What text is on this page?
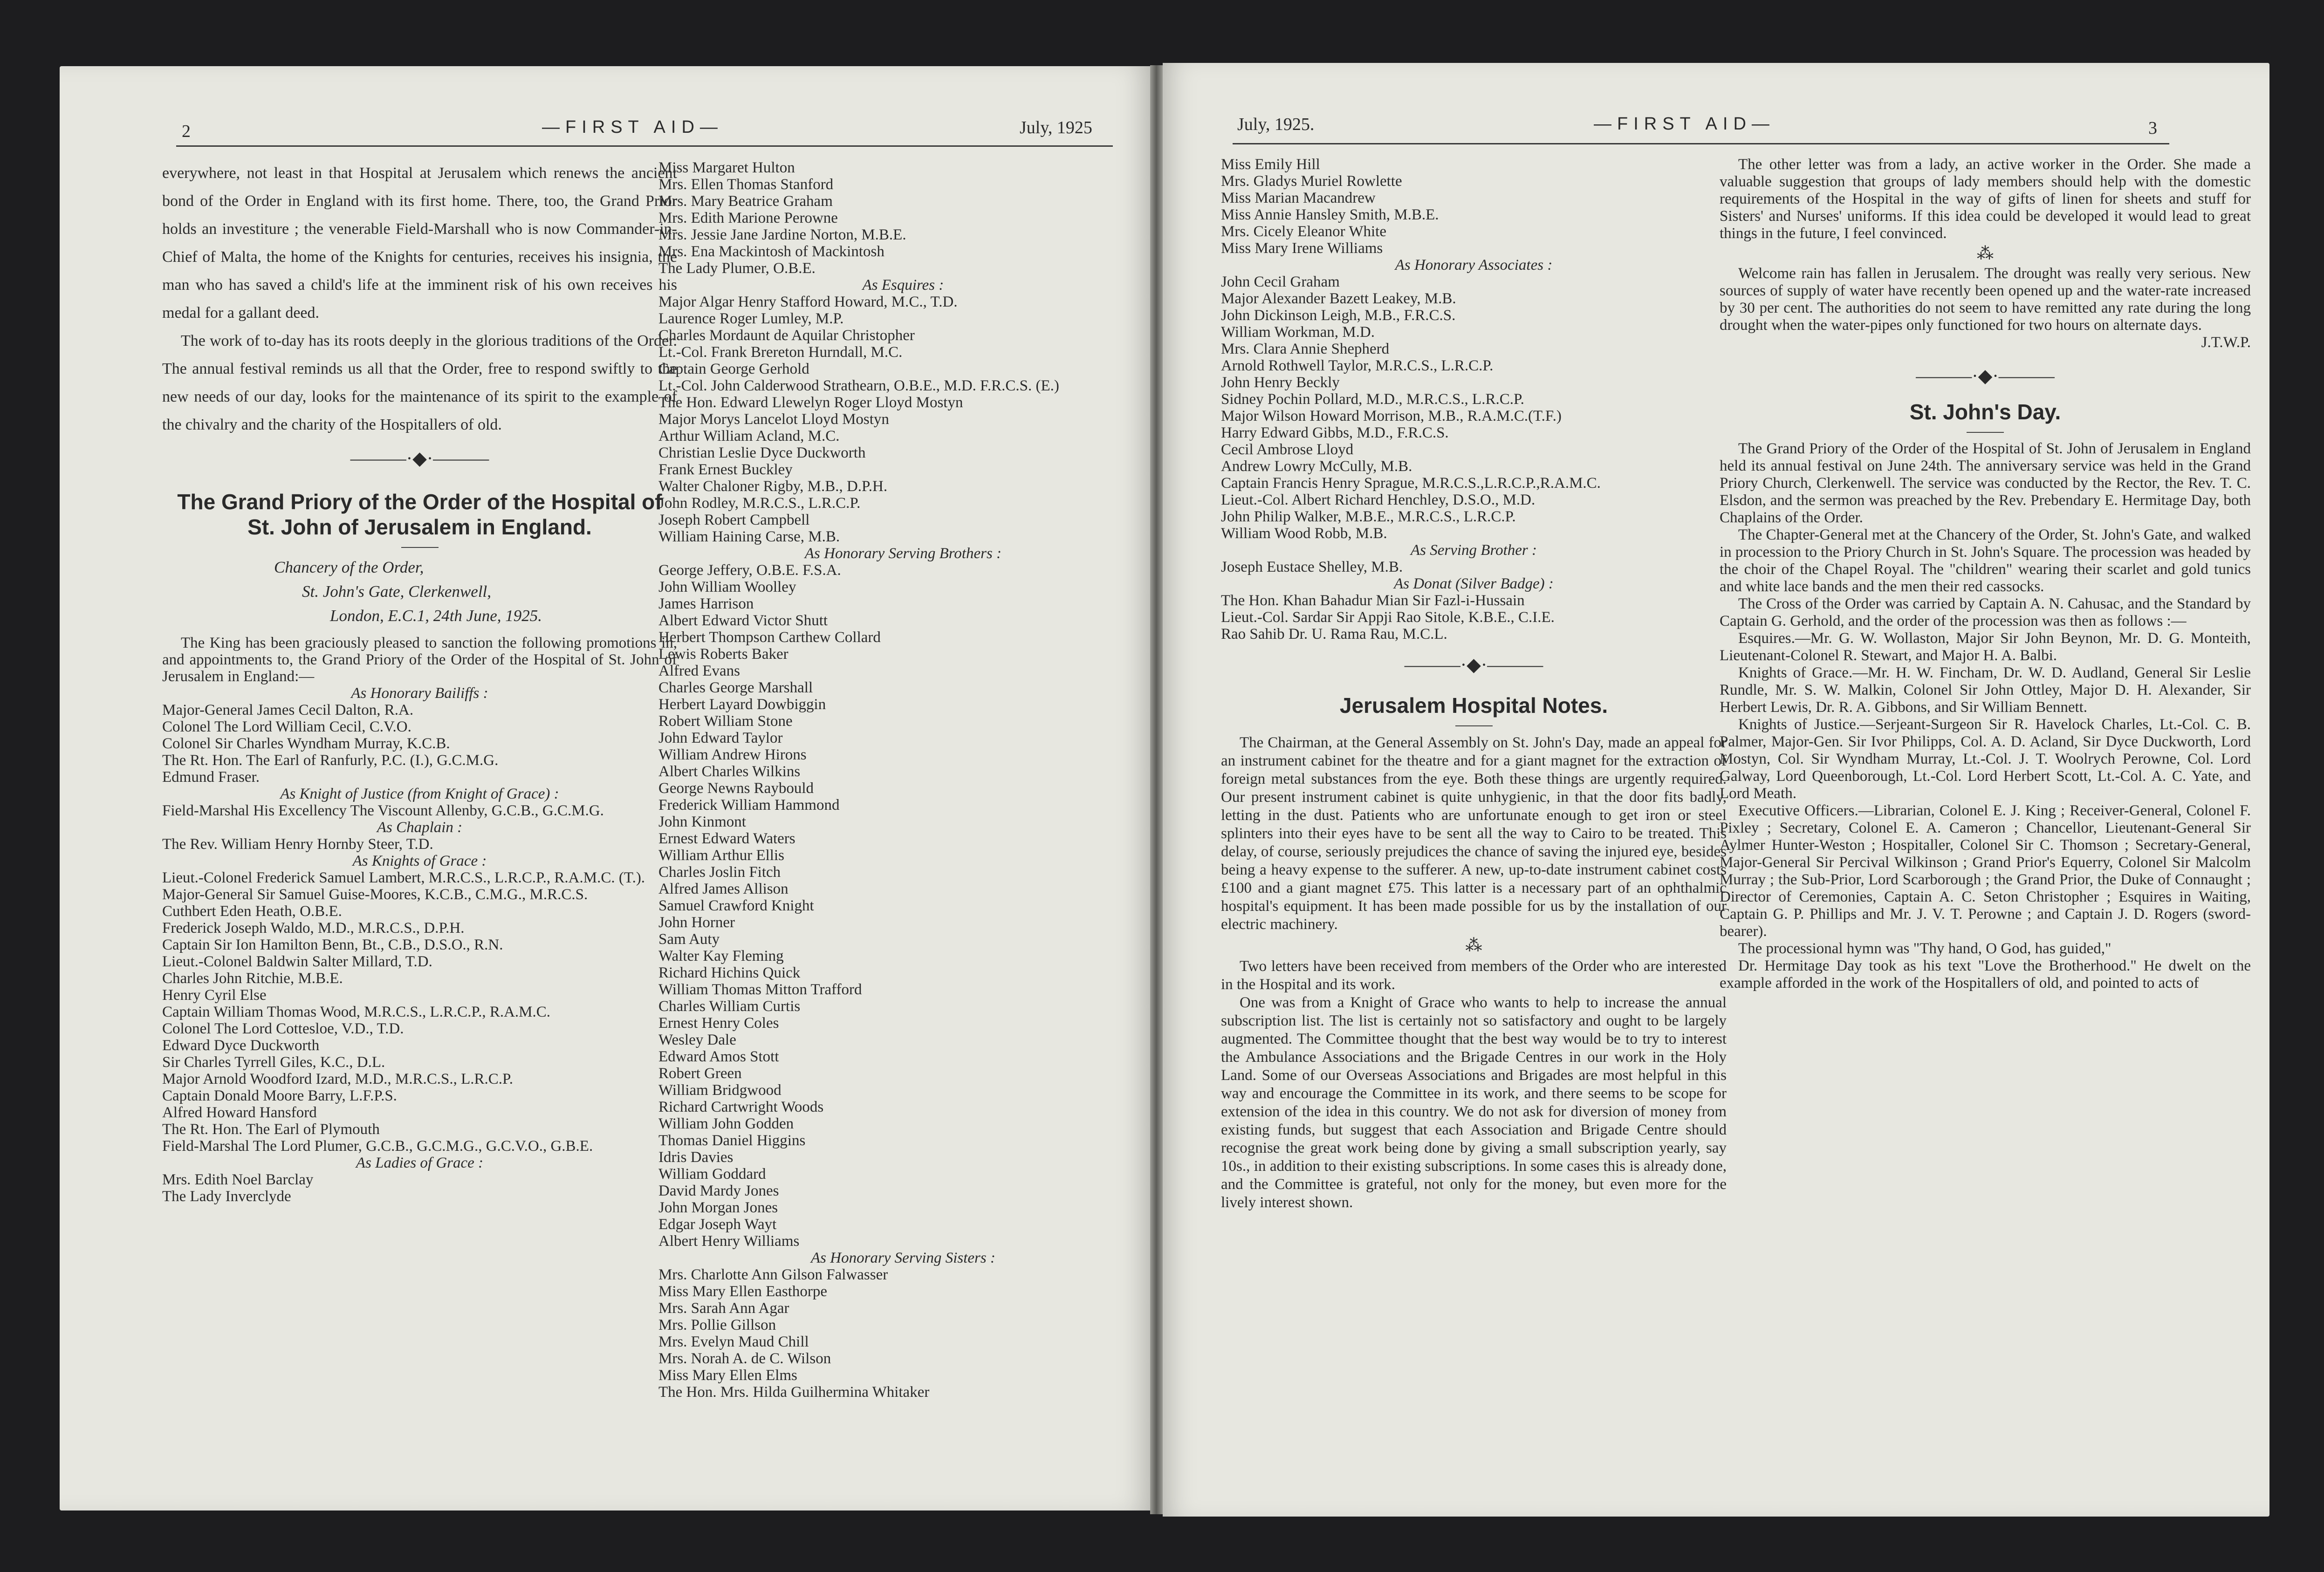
2	—FIRST AID—	July, 1925

everywhere, not least in that Hospital at Jerusalem which renews the ancient bond of the Order in England with its first home. There, too, the Grand Prior holds an investiture ; the venerable Field-Marshall who is now Commander-in-Chief of Malta, the home of the Knights for centuries, receives his insignia, the man who has saved a child's life at the imminent risk of his own receives his medal for a gallant deed.

The work of to-day has its roots deeply in the glorious traditions of the Order. The annual festival reminds us all that the Order, free to respond swiftly to the new needs of our day, looks for the maintenance of its spirit to the example of the chivalry and the charity of the Hospitallers of old.

———·◆·———
The Grand Priory of the Order of the Hospital of St. John of Jerusalem in England.

Chancery of the Order,

St. John's Gate, Clerkenwell,

London, E.C.1, 24th June, 1925.

The King has been graciously pleased to sanction the following promotions in, and appointments to, the Grand Priory of the Order of the Hospital of St. John of Jerusalem in England:—

As Honorary Bailiffs :

Major-General James Cecil Dalton, R.A.

Colonel The Lord William Cecil, C.V.O.

Colonel Sir Charles Wyndham Murray, K.C.B.

The Rt. Hon. The Earl of Ranfurly, P.C. (I.), G.C.M.G.

Edmund Fraser.

As Knight of Justice (from Knight of Grace) :

Field-Marshal His Excellency The Viscount Allenby, G.C.B., G.C.M.G.

As Chaplain :

The Rev. William Henry Hornby Steer, T.D.

As Knights of Grace :

Lieut.-Colonel Frederick Samuel Lambert, M.R.C.S., L.R.C.P., R.A.M.C. (T.).

Major-General Sir Samuel Guise-Moores, K.C.B., C.M.G., M.R.C.S.

Cuthbert Eden Heath, O.B.E.

Frederick Joseph Waldo, M.D., M.R.C.S., D.P.H.

Captain Sir Ion Hamilton Benn, Bt., C.B., D.S.O., R.N.

Lieut.-Colonel Baldwin Salter Millard, T.D.

Charles John Ritchie, M.B.E.

Henry Cyril Else

Captain William Thomas Wood, M.R.C.S., L.R.C.P., R.A.M.C.

Colonel The Lord Cottesloe, V.D., T.D.

Edward Dyce Duckworth

Sir Charles Tyrrell Giles, K.C., D.L.

Major Arnold Woodford Izard, M.D., M.R.C.S., L.R.C.P.

Captain Donald Moore Barry, L.F.P.S.

Alfred Howard Hansford

The Rt. Hon. The Earl of Plymouth

Field-Marshal The Lord Plumer, G.C.B., G.C.M.G., G.C.V.O., G.B.E.

As Ladies of Grace :

Mrs. Edith Noel Barclay

The Lady Inverclyde

Miss Margaret Hulton

Mrs. Ellen Thomas Stanford

Mrs. Mary Beatrice Graham

Mrs. Edith Marione Perowne

Mrs. Jessie Jane Jardine Norton, M.B.E.

Mrs. Ena Mackintosh of Mackintosh

The Lady Plumer, O.B.E.

As Esquires :

Major Algar Henry Stafford Howard, M.C., T.D.

Laurence Roger Lumley, M.P.

Charles Mordaunt de Aquilar Christopher

Lt.-Col. Frank Brereton Hurndall, M.C.

Captain George Gerhold

Lt.-Col. John Calderwood Strathearn, O.B.E., M.D. F.R.C.S. (E.)

The Hon. Edward Llewelyn Roger Lloyd Mostyn

Major Morys Lancelot Lloyd Mostyn

Arthur William Acland, M.C.

Christian Leslie Dyce Duckworth

Frank Ernest Buckley

Walter Chaloner Rigby, M.B., D.P.H.

John Rodley, M.R.C.S., L.R.C.P.

Joseph Robert Campbell

William Haining Carse, M.B.

As Honorary Serving Brothers :

George Jeffery, O.B.E. F.S.A.

John William Woolley

James Harrison

Albert Edward Victor Shutt

Herbert Thompson Carthew Collard

Lewis Roberts Baker

Alfred Evans

Charles George Marshall

Herbert Layard Dowbiggin

Robert William Stone

John Edward Taylor

William Andrew Hirons

Albert Charles Wilkins

George Newns Raybould

Frederick William Hammond

John Kinmont

Ernest Edward Waters

William Arthur Ellis

Charles Joslin Fitch

Alfred James Allison

Samuel Crawford Knight

John Horner

Sam Auty

Walter Kay Fleming

Richard Hichins Quick

William Thomas Mitton Trafford

Charles William Curtis

Ernest Henry Coles

Wesley Dale

Edward Amos Stott

Robert Green

William Bridgwood

Richard Cartwright Woods

William John Godden

Thomas Daniel Higgins

Idris Davies

William Goddard

David Mardy Jones

John Morgan Jones

Edgar Joseph Wayt

Albert Henry Williams

As Honorary Serving Sisters :

Mrs. Charlotte Ann Gilson Falwasser

Miss Mary Ellen Easthorpe

Mrs. Sarah Ann Agar

Mrs. Pollie Gillson

Mrs. Evelyn Maud Chill

Mrs. Norah A. de C. Wilson

Miss Mary Ellen Elms

The Hon. Mrs. Hilda Guilhermina Whitaker

July, 1925.	—FIRST AID—	3

Miss Emily Hill

Mrs. Gladys Muriel Rowlette

Miss Marian Macandrew

Miss Annie Hansley Smith, M.B.E.

Mrs. Cicely Eleanor White

Miss Mary Irene Williams

As Honorary Associates :

John Cecil Graham

Major Alexander Bazett Leakey, M.B.

John Dickinson Leigh, M.B., F.R.C.S.

William Workman, M.D.

Mrs. Clara Annie Shepherd

Arnold Rothwell Taylor, M.R.C.S., L.R.C.P.

John Henry Beckly

Sidney Pochin Pollard, M.D., M.R.C.S., L.R.C.P.

Major Wilson Howard Morrison, M.B., R.A.M.C.(T.F.)

Harry Edward Gibbs, M.D., F.R.C.S.

Cecil Ambrose Lloyd

Andrew Lowry McCully, M.B.

Captain Francis Henry Sprague, M.R.C.S.,L.R.C.P.,R.A.M.C.

Lieut.-Col. Albert Richard Henchley, D.S.O., M.D.

John Philip Walker, M.B.E., M.R.C.S., L.R.C.P.

William Wood Robb, M.B.

As Serving Brother :

Joseph Eustace Shelley, M.B.

As Donat (Silver Badge) :

The Hon. Khan Bahadur Mian Sir Fazl-i-Hussain

Lieut.-Col. Sardar Sir Appji Rao Sitole, K.B.E., C.I.E.

Rao Sahib Dr. U. Rama Rau, M.C.L.

———·◆·———
Jerusalem Hospital Notes.

The Chairman, at the General Assembly on St. John's Day, made an appeal for an instrument cabinet for the theatre and for a giant magnet for the extraction of foreign metal substances from the eye. Both these things are urgently required. Our present instrument cabinet is quite unhygienic, in that the door fits badly, letting in the dust. Patients who are unfortunate enough to get iron or steel splinters into their eyes have to be sent all the way to Cairo to be treated. This delay, of course, seriously prejudices the chance of saving the injured eye, besides being a heavy expense to the sufferer. A new, up-to-date instrument cabinet costs £100 and a giant magnet £75. This latter is a necessary part of an ophthalmic hospital's equipment. It has been made possible for us by the installation of our electric machinery.

⁂

Two letters have been received from members of the Order who are interested in the Hospital and its work.

One was from a Knight of Grace who wants to help to increase the annual subscription list. The list is certainly not so satisfactory and ought to be largely augmented. The Committee thought that the best way would be to try to interest the Ambulance Associations and the Brigade Centres in our work in the Holy Land. Some of our Overseas Associations and Brigades are most helpful in this way and encourage the Committee in its work, and there seems to be scope for extension of the idea in this country. We do not ask for diversion of money from existing funds, but suggest that each Association and Brigade Centre should recognise the great work being done by giving a small subscription yearly, say 10s., in addition to their existing subscriptions. In some cases this is already done, and the Committee is grateful, not only for the money, but even more for the lively interest shown.

The other letter was from a lady, an active worker in the Order. She made a valuable suggestion that groups of lady members should help with the domestic requirements of the Hospital in the way of gifts of linen for sheets and stuff for Sisters' and Nurses' uniforms. If this idea could be developed it would lead to great things in the future, I feel convinced.

⁂

Welcome rain has fallen in Jerusalem. The drought was really very serious. New sources of supply of water have recently been opened up and the water-rate increased by 30 per cent. The authorities do not seem to have remitted any rate during the long drought when the water-pipes only functioned for two hours on alternate days.

J.T.W.P.

———·◆·———
St. John's Day.

The Grand Priory of the Order of the Hospital of St. John of Jerusalem in England held its annual festival on June 24th. The anniversary service was held in the Grand Priory Church, Clerkenwell. The service was conducted by the Rector, the Rev. T. C. Elsdon, and the sermon was preached by the Rev. Prebendary E. Hermitage Day, both Chaplains of the Order.

The Chapter-General met at the Chancery of the Order, St. John's Gate, and walked in procession to the Priory Church in St. John's Square. The procession was headed by the choir of the Chapel Royal. The "children" wearing their scarlet and gold tunics and white lace bands and the men their red cassocks.

The Cross of the Order was carried by Captain A. N. Cahusac, and the Standard by Captain G. Gerhold, and the order of the procession was then as follows :—

Esquires.—Mr. G. W. Wollaston, Major Sir John Beynon, Mr. D. G. Monteith, Lieutenant-Colonel R. Stewart, and Major H. A. Balbi.

Knights of Grace.—Mr. H. W. Fincham, Dr. W. D. Audland, General Sir Leslie Rundle, Mr. S. W. Malkin, Colonel Sir John Ottley, Major D. H. Alexander, Sir Herbert Lewis, Dr. R. A. Gibbons, and Sir William Bennett.

Knights of Justice.—Serjeant-Surgeon Sir R. Havelock Charles, Lt.-Col. C. B. Palmer, Major-Gen. Sir Ivor Philipps, Col. A. D. Acland, Sir Dyce Duckworth, Lord Mostyn, Col. Sir Wyndham Murray, Lt.-Col. J. T. Woolrych Perowne, Col. Lord Galway, Lord Queenborough, Lt.-Col. Lord Herbert Scott, Lt.-Col. A. C. Yate, and Lord Meath.

Executive Officers.—Librarian, Colonel E. J. King ; Receiver-General, Colonel F. Pixley ; Secretary, Colonel E. A. Cameron ; Chancellor, Lieutenant-General Sir Aylmer Hunter-Weston ; Hospitaller, Colonel Sir C. Thomson ; Secretary-General, Major-General Sir Percival Wilkinson ; Grand Prior's Equerry, Colonel Sir Malcolm Murray ; the Sub-Prior, Lord Scarborough ; the Grand Prior, the Duke of Connaught ; Director of Ceremonies, Captain A. C. Seton Christopher ; Esquires in Waiting, Captain G. P. Phillips and Mr. J. V. T. Perowne ; and Captain J. D. Rogers (sword-bearer).

The processional hymn was "Thy hand, O God, has guided,"

Dr. Hermitage Day took as his text "Love the Brotherhood." He dwelt on the example afforded in the work of the Hospitallers of old, and pointed to acts of
